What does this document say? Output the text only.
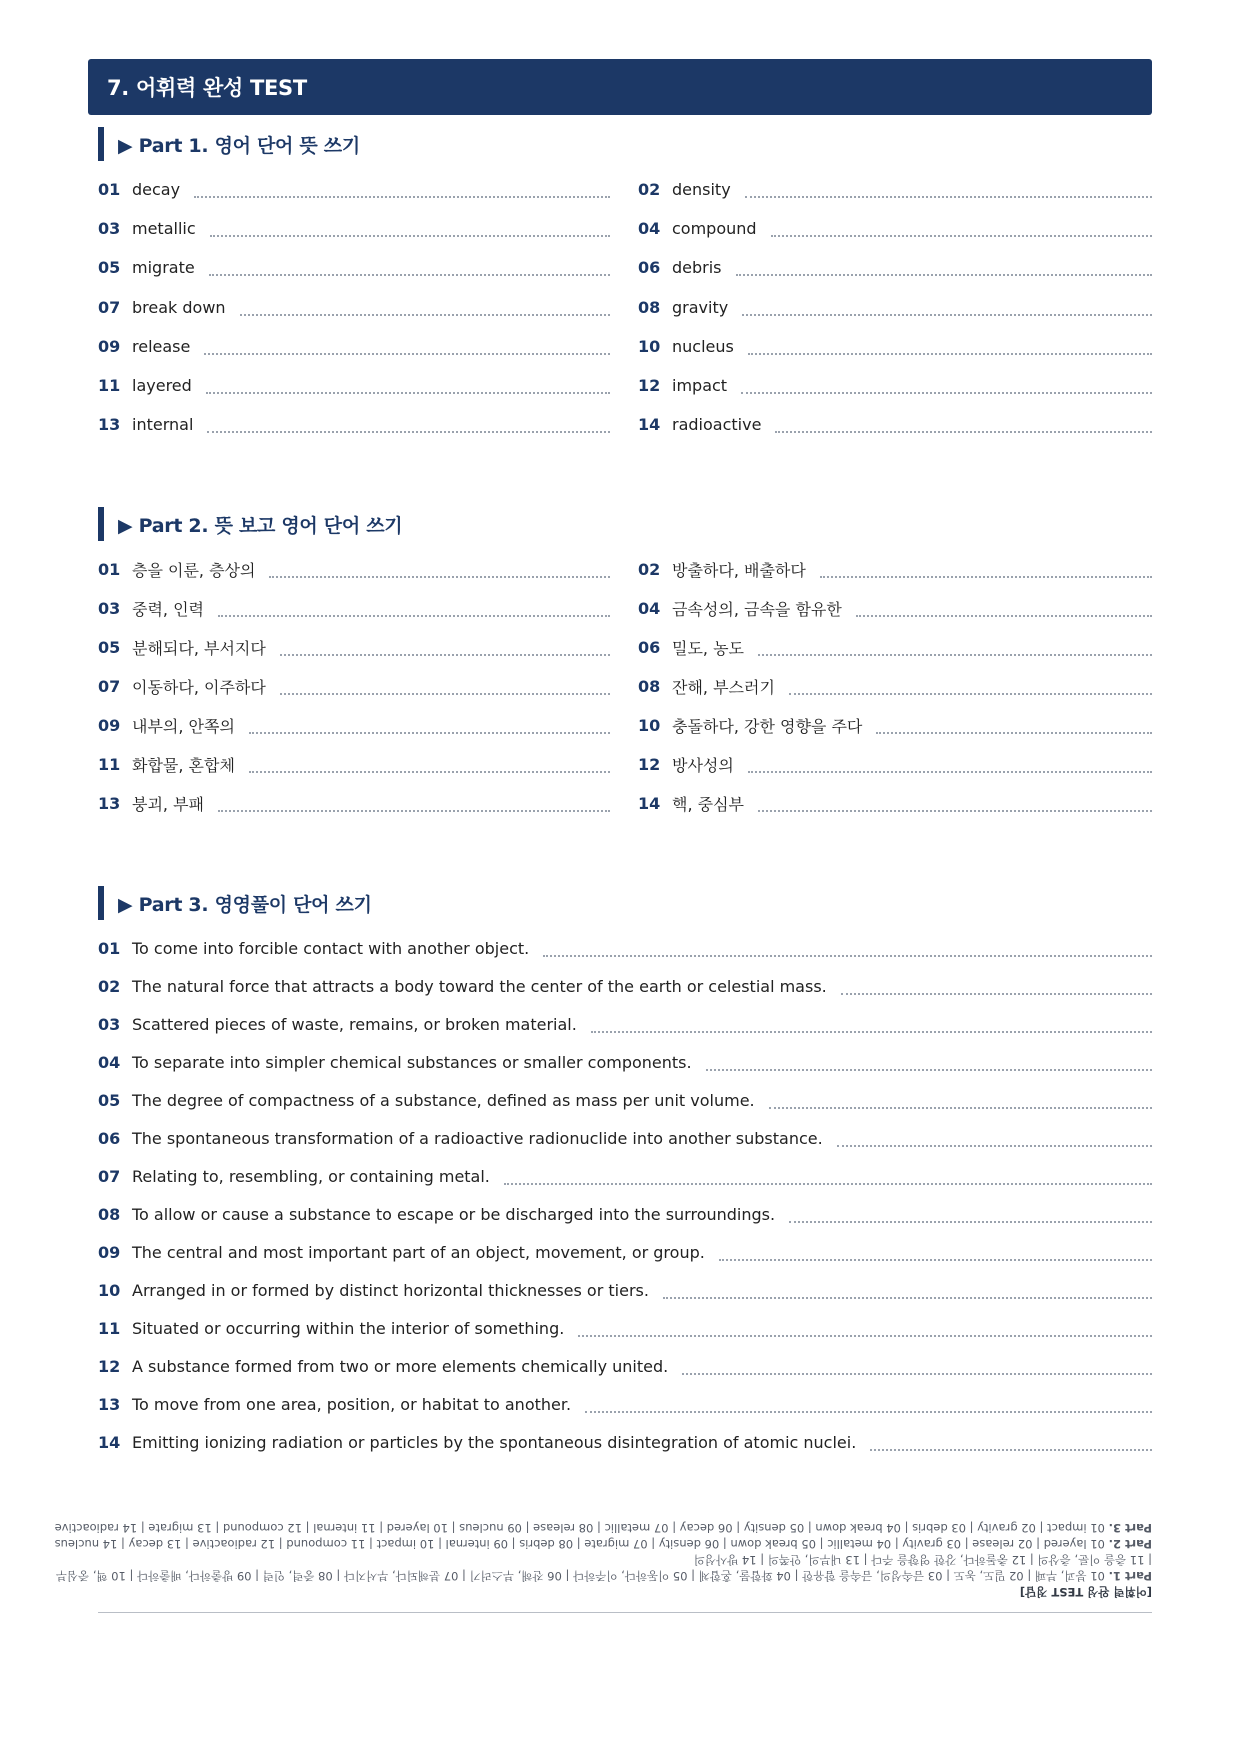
7. 어휘력 완성 TEST
▶ Part 1. 영어 단어 뜻 쓰기
01 decay	02 density
03 metallic	04 compound
05 migrate	06 debris
07 break down	08 gravity
09 release	10 nucleus
11 layered	12 impact
13 internal	14 radioactive
▶ Part 2. 뜻 보고 영어 단어 쓰기
01 층을 이룬, 층상의	02 방출하다, 배출하다
03 중력, 인력	04 금속성의, 금속을 함유한
05 분해되다, 부서지다	06 밀도, 농도
07 이동하다, 이주하다	08 잔해, 부스러기
09 내부의, 안쪽의	10 충돌하다, 강한 영향을 주다
11 화합물, 혼합체	12 방사성의
13 붕괴, 부패	14 핵, 중심부
▶ Part 3. 영영풀이 단어 쓰기
01 To come into forcible contact with another object.
02 The natural force that attracts a body toward the center of the earth or celestial mass.
03 Scattered pieces of waste, remains, or broken material.
04 To separate into simpler chemical substances or smaller components.
05 The degree of compactness of a substance, defined as mass per unit volume.
06 The spontaneous transformation of a radioactive radionuclide into another substance.
07 Relating to, resembling, or containing metal.
08 To allow or cause a substance to escape or be discharged into the surroundings.
09 The central and most important part of an object, movement, or group.
10 Arranged in or formed by distinct horizontal thicknesses or tiers.
11 Situated or occurring within the interior of something.
12 A substance formed from two or more elements chemically united.
13 To move from one area, position, or habitat to another.
14 Emitting ionizing radiation or particles by the spontaneous disintegration of atomic nuclei.
[어휘력 완성 TEST 정답]
Part 1. 01 붕괴, 부패 | 02 밀도, 농도 | 03 금속성의, 금속을 함유한 | 04 화합물, 혼합체 | 05 이동하다, 이주하다 | 06 잔해, 부스러기 | 07 분해되다, 부서지다 | 08 중력, 인력 | 09 방출하다, 배출하다 | 10 핵, 중심부
| 11 층을 이룬, 층상의 | 12 충돌하다, 강한 영향을 주다 | 13 내부의, 안쪽의 | 14 방사성의
Part 2. 01 layered | 02 release | 03 gravity | 04 metallic | 05 break down | 06 density | 07 migrate | 08 debris | 09 internal | 10 impact | 11 compound | 12 radioactive | 13 decay | 14 nucleus
Part 3. 01 impact | 02 gravity | 03 debris | 04 break down | 05 density | 06 decay | 07 metallic | 08 release | 09 nucleus | 10 layered | 11 internal | 12 compound | 13 migrate | 14 radioactive
